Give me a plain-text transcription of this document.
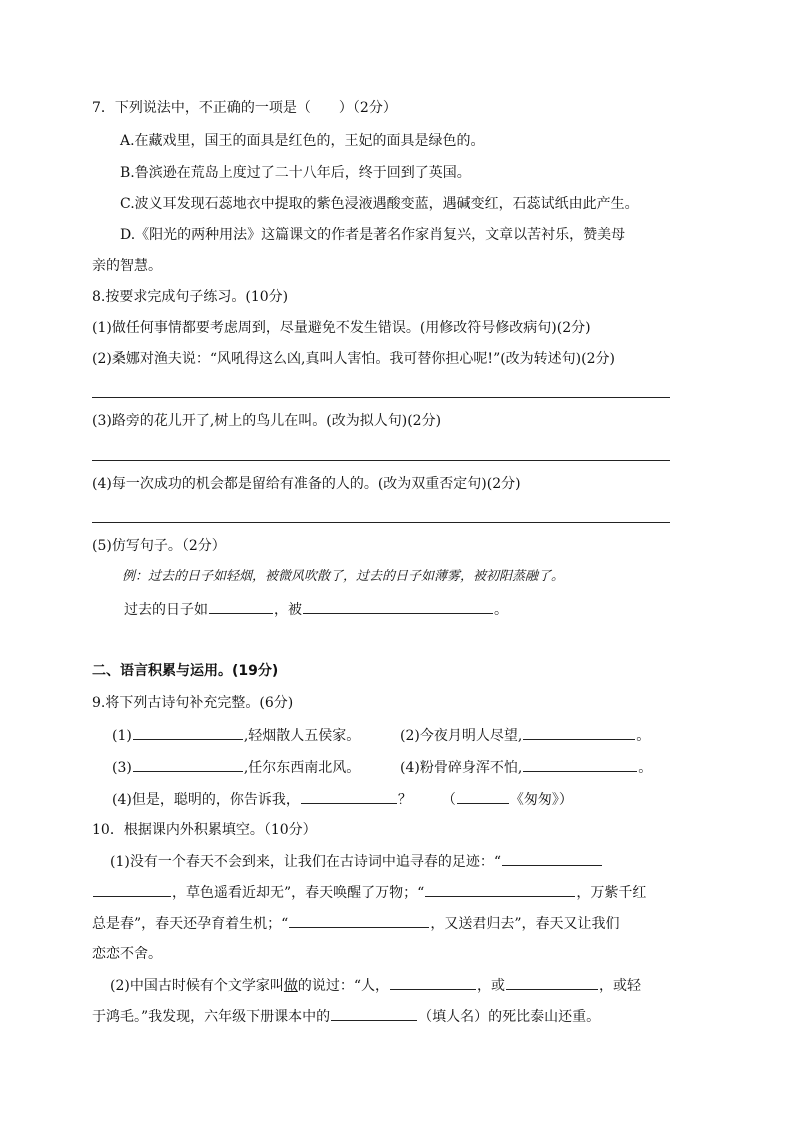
7．下列说法中，不正确的一项是（　　）（2分）
A.在藏戏里，国王的面具是红色的，王妃的面具是绿色的。
B.鲁滨逊在荒岛上度过了二十八年后，终于回到了英国。
C.波义耳发现石蕊地衣中提取的紫色浸液遇酸变蓝，遇碱变红，石蕊试纸由此产生。
D.《阳光的两种用法》这篇课文的作者是著名作家肖复兴，文章以苦衬乐，赞美母
亲的智慧。
8.按要求完成句子练习。(10分)
(1)做任何事情都要考虑周到，尽量避免不发生错误。(用修改符号修改病句)(2分)
(2)桑娜对渔夫说：“风吼得这么凶,真叫人害怕。我可替你担心呢!”(改为转述句)(2分)
(3)路旁的花儿开了,树上的鸟儿在叫。(改为拟人句)(2分)
(4)每一次成功的机会都是留给有准备的人的。(改为双重否定句)(2分)
(5)仿写句子。（2分）
例：过去的日子如轻烟，被微风吹散了，过去的日子如薄雾，被初阳蒸融了。
过去的日子如	，被	。
二、语言积累与运用。(19分)
9.将下列古诗句补充完整。(6分)
(1)	,轻烟散人五侯家。	(2)今夜月明人尽望,	。
(3)	,任尔东西南北风。	(4)粉骨碎身浑不怕,	。
(4)但是，聪明的，你告诉我，	？ （	《匆匆》）
10．根据课内外积累填空。（10分）
(1)没有一个春天不会到来，让我们在古诗词中追寻春的足迹：“
，草色遥看近却无”，春天唤醒了万物；“	，万紫千红
总是春”，春天还孕育着生机；“	，又送君归去”，春天又让我们
恋恋不舍。
(2)中国古时候有个文学家叫做的说过：“人，	，或	，或轻
于鸿毛。”我发现，六年级下册课本中的	（填人名）的死比泰山还重。
